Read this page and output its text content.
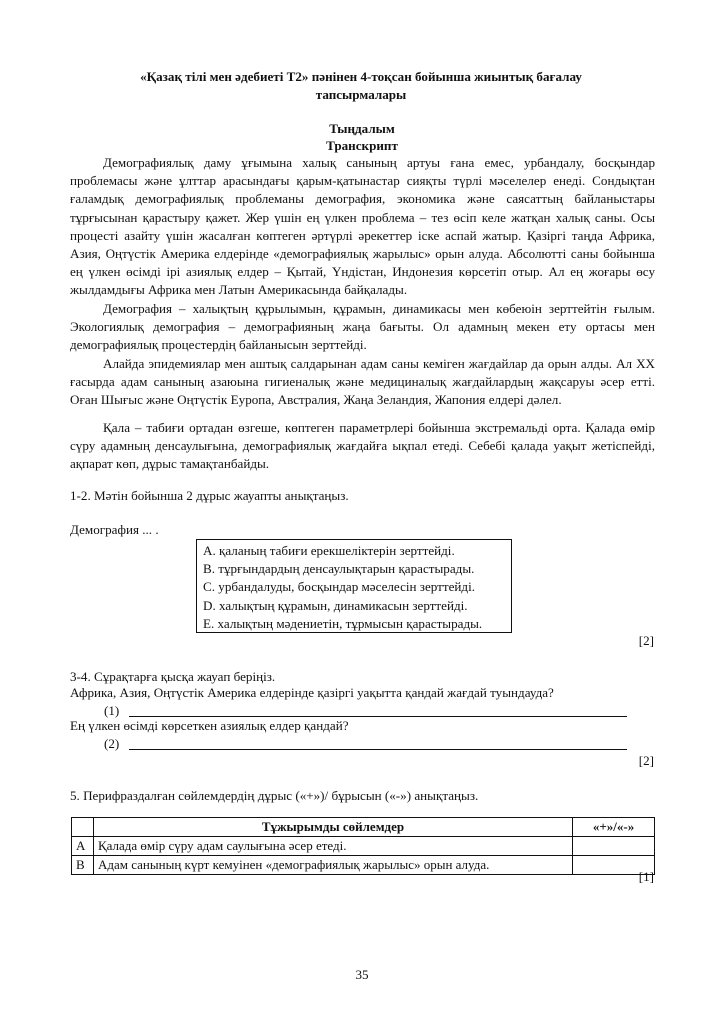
«Қазақ тілі мен әдебиеті Т2» пәнінен 4-тоқсан бойынша жиынтық бағалау тапсырмалары
Тыңдалым
Транскрипт

Демографиялық даму ұғымына халық санының артуы ғана емес, урбандалу, босқындар проблемасы және ұлттар арасындағы қарым-қатынастар сияқты түрлі мәселелер енеді. Сондықтан ғаламдық демографиялық проблеманы демография, экономика және саясаттың байланыстары тұрғысынан қарастыру қажет. Жер үшін ең үлкен проблема – тез өсіп келе жатқан халық саны. Осы процесті азайту үшін жасалған көптеген әртүрлі әрекеттер іске аспай жатыр. Қазіргі таңда Африка, Азия, Оңтүстік Америка елдерінде «демографиялық жарылыс» орын алуда. Абсолютті саны бойынша ең үлкен өсімді ірі азиялық елдер – Қытай, Үндістан, Индонезия көрсетіп отыр. Ал ең жоғары өсу жылдамдығы Африка мен Латын Америкасында байқалады.

Демография – халықтың құрылымын, құрамын, динамикасы мен көбеюін зерттейтін ғылым. Экологиялық демография – демографияның жаңа бағыты. Ол адамның мекен ету ортасы мен демографиялық процестердің байланысын зерттейді.

Алайда эпидемиялар мен аштық салдарынан адам саны кеміген жағдайлар да орын алды. Ал XX ғасырда адам санының азаюына гигиеналық және медициналық жағдайлардың жақсаруы әсер етті. Оған Шығыс және Оңтүстік Еуропа, Австралия, Жаңа Зеландия, Жапония елдері дәлел.

Қала – табиғи ортадан өзгеше, көптеген параметрлері бойынша экстремальді орта. Қалада өмір сүру адамның денсаулығына, демографиялық жағдайға ықпал етеді. Себебі қалада уақыт жетіспейді, ақпарат көп, дұрыс тамақтанбайды.

1-2. Мәтін бойынша 2 дұрыс жауапты анықтаңыз.
Демография ... .
A. қаланың табиғи ерекшеліктерін зерттейді.
B. тұрғындардың денсаулықтарын қарастырады.
C. урбандалуды, босқындар мәселесін зерттейді.
D. халықтың құрамын, динамикасын зерттейді.
E. халықтың мәдениетін, тұрмысын қарастырады.
[2]
3-4. Сұрақтарға қысқа жауап беріңіз.
Африка, Азия, Оңтүстік Америка елдерінде қазіргі уақытта қандай жағдай туындауда?
(1)
Ең үлкен өсімді көрсеткен азиялық елдер қандай?
(2)
[2]
5. Перифраздалған сөйлемдердің дұрыс («+»)/ бұрысын («-») анықтаңыз.
	Тұжырымды сөйлемдер	«+»/«-»
A	Қалада өмір сүру адам саулығына әсер етеді.	
B	Адам санының күрт кемуінен «демографиялық жарылыс» орын алуда.	
[1]
35
